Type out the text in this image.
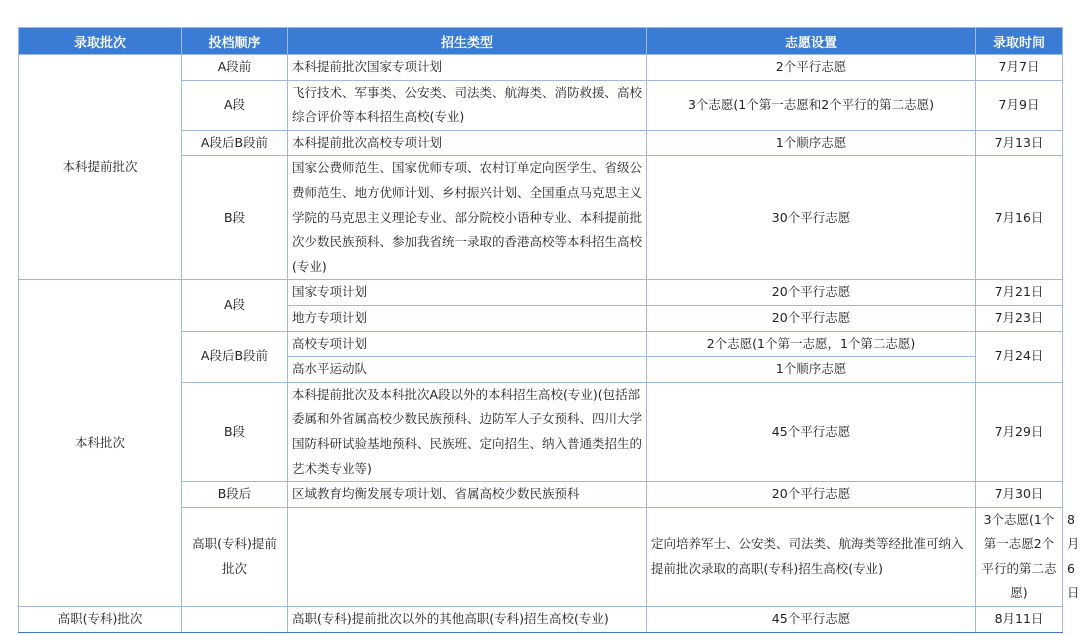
录取批次	投档顺序	招生类型	志愿设置	录取时间	
本科提前批次	A段前	本科提前批次国家专项计划	2个平行志愿	7月7日	
	A段	飞行技术、军事类、公安类、司法类、航海类、消防救援、高校综合评价等本科招生高校(专业)	3个志愿(1个第一志愿和2个平行的第二志愿)	7月9日	
	A段后B段前	本科提前批次高校专项计划	1个顺序志愿	7月13日	
	B段	国家公费师范生、国家优师专项、农村订单定向医学生、省级公费师范生、地方优师计划、乡村振兴计划、全国重点马克思主义学院的马克思主义理论专业、部分院校小语种专业、本科提前批次少数民族预科、参加我省统一录取的香港高校等本科招生高校(专业)	30个平行志愿	7月16日	
本科批次	A段	国家专项计划	20个平行志愿	7月21日	
		地方专项计划	20个平行志愿	7月23日	
	A段后B段前	高校专项计划	2个志愿(1个第一志愿，1个第二志愿)	7月24日	
		高水平运动队	1个顺序志愿		
	B段	本科提前批次及本科批次A段以外的本科招生高校(专业)(包括部委属和外省属高校少数民族预科、边防军人子女预科、四川大学国防科研试验基地预科、民族班、定向招生、纳入普通类招生的艺术类专业等)	45个平行志愿	7月29日	
	B段后	区域教育均衡发展专项计划、省属高校少数民族预科	20个平行志愿	7月30日	
	高职(专科)提前批次		定向培养军士、公安类、司法类、航海类等经批准可纳入提前批次录取的高职(专科)招生高校(专业)	3个志愿(1个第一志愿2个平行的第二志愿)	8月6日
高职(专科)批次		高职(专科)提前批次以外的其他高职(专科)招生高校(专业)	45个平行志愿	8月11日	
